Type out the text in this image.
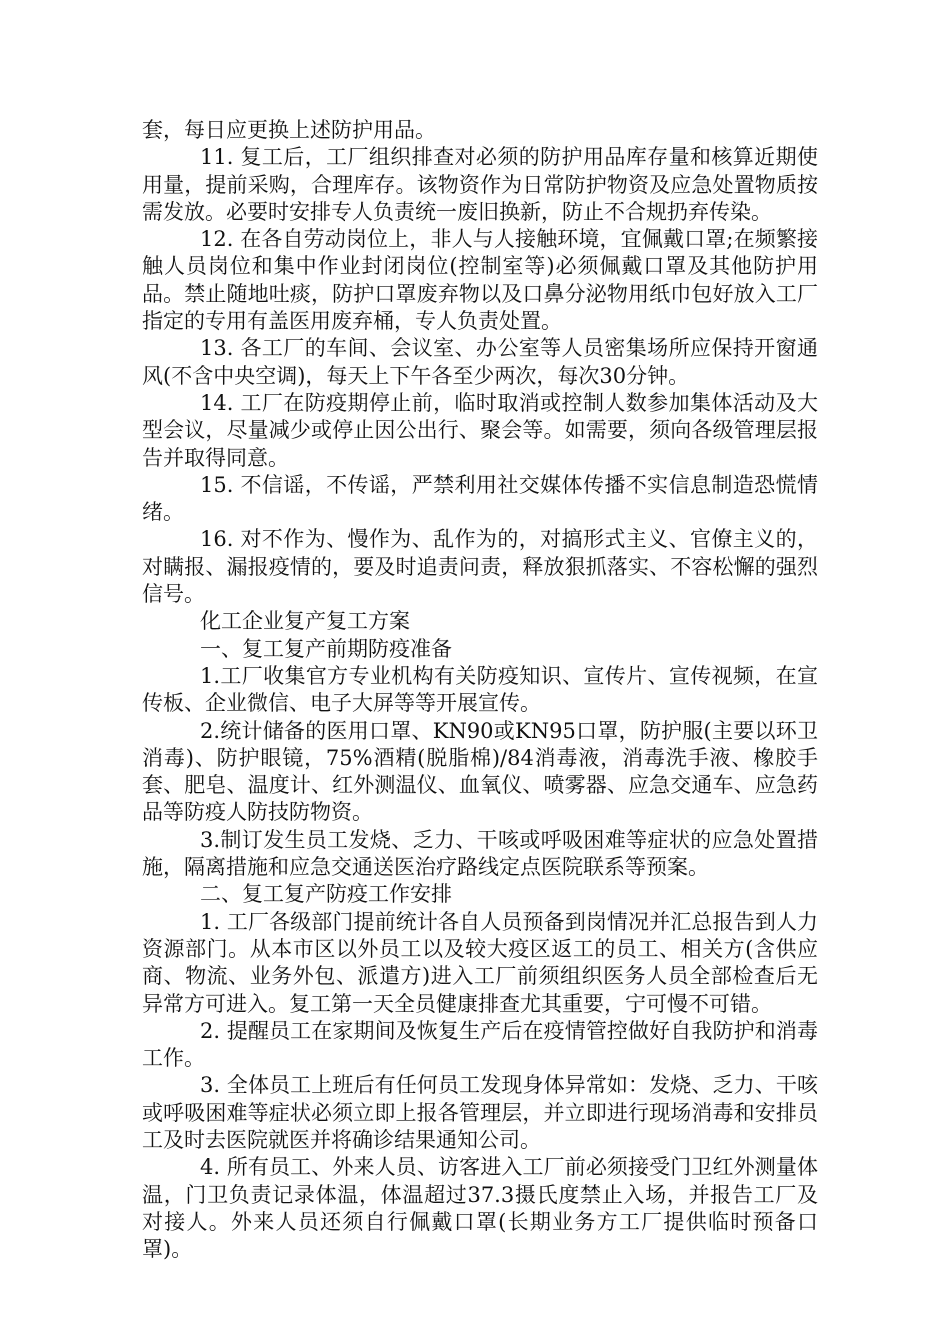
套，每日应更换上述防护用品。

11. 复工后，工厂组织排查对必须的防护用品库存量和核算近期使用量，提前采购，合理库存。该物资作为日常防护物资及应急处置物质按需发放。必要时安排专人负责统一废旧换新，防止不合规扔弃传染。

12. 在各自劳动岗位上，非人与人接触环境，宜佩戴口罩;在频繁接触人员岗位和集中作业封闭岗位(控制室等)必须佩戴口罩及其他防护用品。禁止随地吐痰，防护口罩废弃物以及口鼻分泌物用纸巾包好放入工厂指定的专用有盖医用废弃桶，专人负责处置。

13. 各工厂的车间、会议室、办公室等人员密集场所应保持开窗通风(不含中央空调)，每天上下午各至少两次，每次30分钟。

14. 工厂在防疫期停止前，临时取消或控制人数参加集体活动及大型会议，尽量减少或停止因公出行、聚会等。如需要，须向各级管理层报告并取得同意。

15. 不信谣，不传谣，严禁利用社交媒体传播不实信息制造恐慌情绪。

16. 对不作为、慢作为、乱作为的，对搞形式主义、官僚主义的，对瞒报、漏报疫情的，要及时追责问责，释放狠抓落实、不容松懈的强烈信号。

化工企业复产复工方案

一、复工复产前期防疫准备

1.工厂收集官方专业机构有关防疫知识、宣传片、宣传视频，在宣传板、企业微信、电子大屏等等开展宣传。

2.统计储备的医用口罩、KN90或KN95口罩，防护服(主要以环卫消毒)、防护眼镜，75%酒精(脱脂棉)/84消毒液，消毒洗手液、橡胶手套、肥皂、温度计、红外测温仪、血氧仪、喷雾器、应急交通车、应急药品等防疫人防技防物资。

3.制订发生员工发烧、乏力、干咳或呼吸困难等症状的应急处置措施，隔离措施和应急交通送医治疗路线定点医院联系等预案。

二、复工复产防疫工作安排

1. 工厂各级部门提前统计各自人员预备到岗情况并汇总报告到人力资源部门。从本市区以外员工以及较大疫区返工的员工、相关方(含供应商、物流、业务外包、派遣方)进入工厂前须组织医务人员全部检查后无异常方可进入。复工第一天全员健康排查尤其重要，宁可慢不可错。

2. 提醒员工在家期间及恢复生产后在疫情管控做好自我防护和消毒工作。

3. 全体员工上班后有任何员工发现身体异常如：发烧、乏力、干咳或呼吸困难等症状必须立即上报各管理层，并立即进行现场消毒和安排员工及时去医院就医并将确诊结果通知公司。

4. 所有员工、外来人员、访客进入工厂前必须接受门卫红外测量体温，门卫负责记录体温，体温超过37.3摄氏度禁止入场，并报告工厂及对接人。外来人员还须自行佩戴口罩(长期业务方工厂提供临时预备口罩)。
